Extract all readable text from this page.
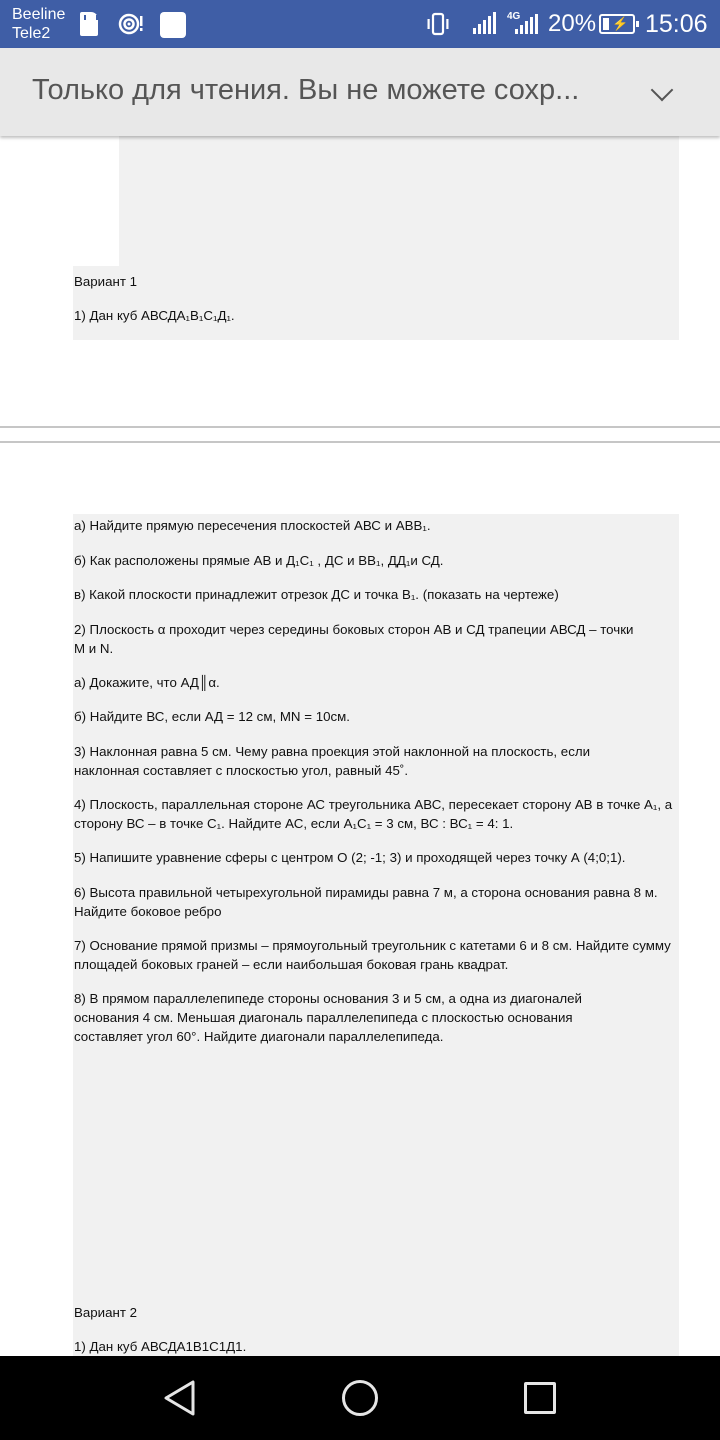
Beeline
Tele2
4G 20% ⚡ 15:06
Только для чтения. Вы не можете сохр...
Вариант 1
1) Дан куб АВСДА₁В₁С₁Д₁.
а) Найдите прямую пересечения плоскостей АВС и АВВ₁.
б) Как расположены прямые АВ и Д₁С₁ , ДС и ВВ₁, ДД₁и СД.
в) Какой плоскости принадлежит отрезок ДС и точка В₁. (показать на чертеже)
2) Плоскость α проходит через середины боковых сторон АВ и СД трапеции АВСД – точки M и N.
а) Докажите, что АД║α.
б) Найдите ВС, если АД = 12 см, MN = 10см.
3) Наклонная равна 5 см. Чему равна проекция этой наклонной на плоскость, если наклонная составляет с плоскостью угол, равный 45˚.
4) Плоскость, параллельная стороне АС треугольника АВС, пересекает сторону АВ в точке А₁, а сторону ВС – в точке С₁. Найдите АС, если А₁С₁ = 3 см, ВС : ВС₁ = 4: 1.
5) Напишите уравнение сферы с центром О (2; -1; 3) и проходящей через точку А (4;0;1).
6) Высота правильной четырехугольной пирамиды равна 7 м, а сторона основания равна 8 м. Найдите боковое ребро
7) Основание прямой призмы – прямоугольный треугольник с катетами 6 и 8 см. Найдите сумму площадей боковых граней – если наибольшая боковая грань квадрат.
8) В прямом параллелепипеде стороны основания 3 и 5 см, а одна из диагоналей основания 4 см. Меньшая диагональ параллелепипеда с плоскостью основания составляет угол 60°. Найдите диагонали параллелепипеда.
Вариант 2
1) Дан куб АВСДА1В1С1Д1.
